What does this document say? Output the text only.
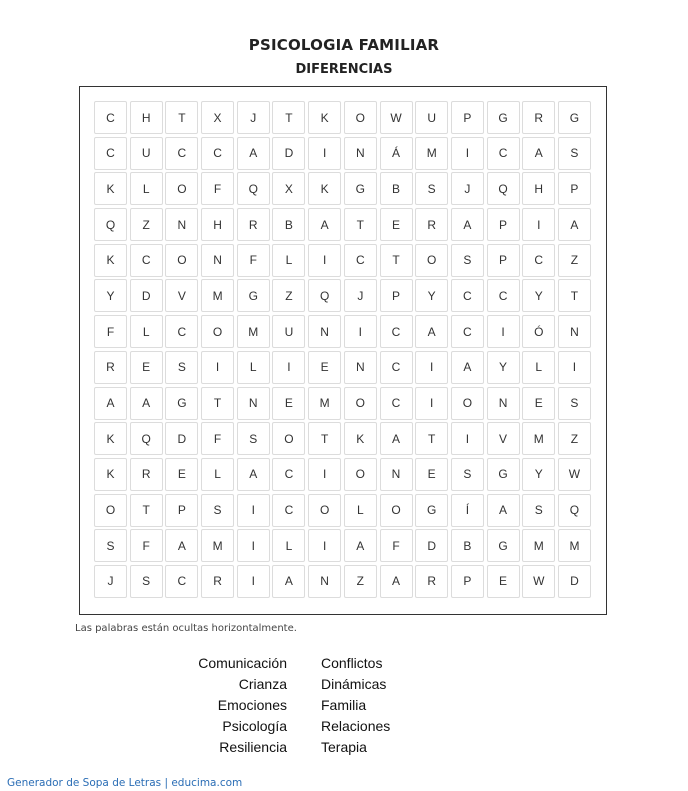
PSICOLOGIA FAMILIAR
DIFERENCIAS
C	H	T	X	J	T	K	O	W	U	P	G	R	G
C	U	C	C	A	D	I	N	Á	M	I	C	A	S
K	L	O	F	Q	X	K	G	B	S	J	Q	H	P
Q	Z	N	H	R	B	A	T	E	R	A	P	I	A
K	C	O	N	F	L	I	C	T	O	S	P	C	Z
Y	D	V	M	G	Z	Q	J	P	Y	C	C	Y	T
F	L	C	O	M	U	N	I	C	A	C	I	Ó	N
R	E	S	I	L	I	E	N	C	I	A	Y	L	I
A	A	G	T	N	E	M	O	C	I	O	N	E	S
K	Q	D	F	S	O	T	K	A	T	I	V	M	Z
K	R	E	L	A	C	I	O	N	E	S	G	Y	W
O	T	P	S	I	C	O	L	O	G	Í	A	S	Q
S	F	A	M	I	L	I	A	F	D	B	G	M	M
J	S	C	R	I	A	N	Z	A	R	P	E	W	D
Las palabras están ocultas horizontalmente.
Comunicación
Crianza
Emociones
Psicología
Resiliencia
Conflictos
Dinámicas
Familia
Relaciones
Terapia
Generador de Sopa de Letras | educima.com
